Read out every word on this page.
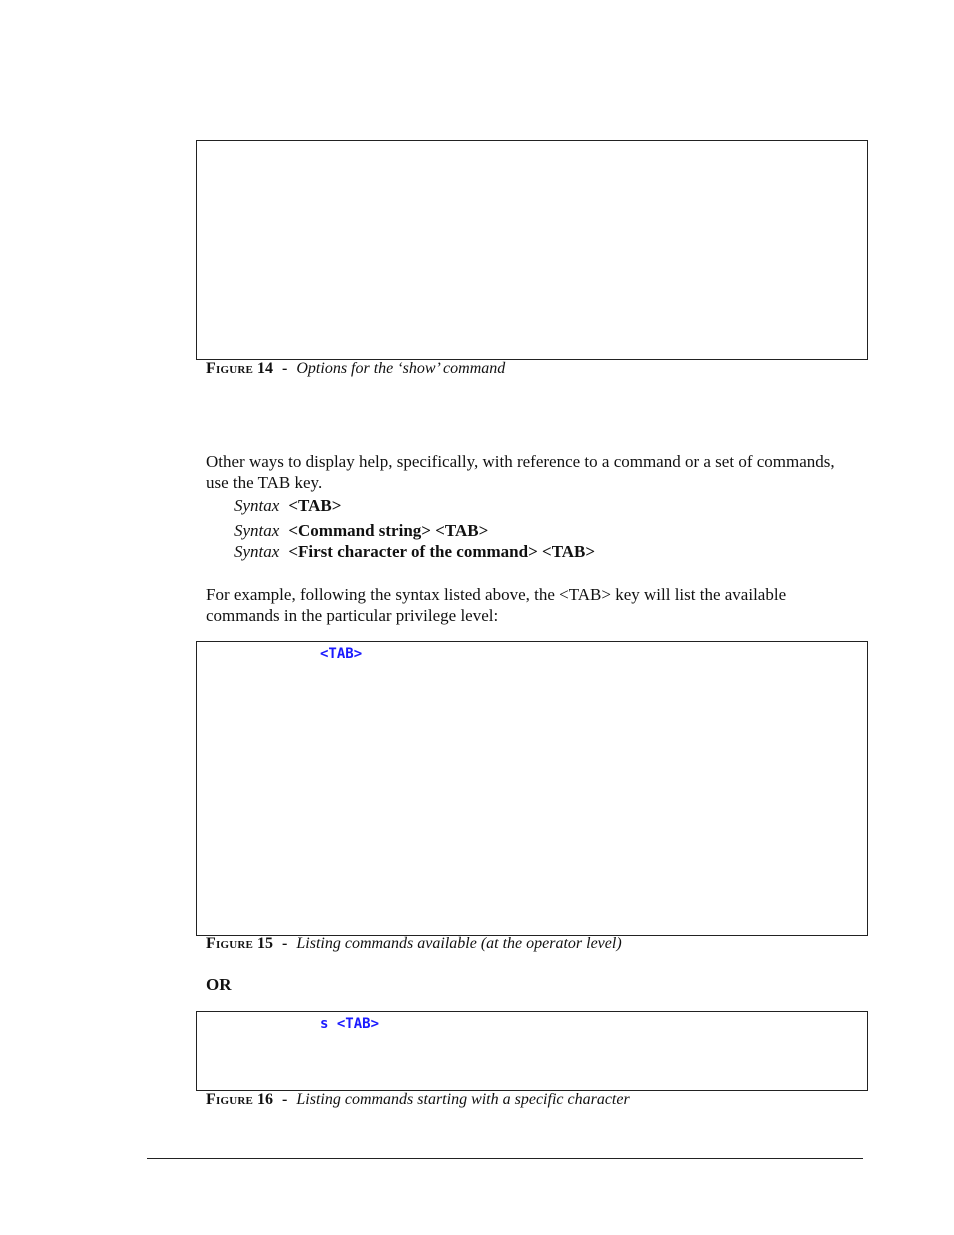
Figure 14 - Options for the ‘show’ command

Other ways to display help, specifically, with reference to a command or a set of commands, use the TAB key.

Syntax <TAB>
Syntax <Command string> <TAB>
Syntax <First character of the command> <TAB>

For example, following the syntax listed above, the <TAB> key will list the available commands in the particular privilege level:

<TAB>
Figure 15 - Listing commands available (at the operator level)
OR
s <TAB>
Figure 16 - Listing commands starting with a specific character
